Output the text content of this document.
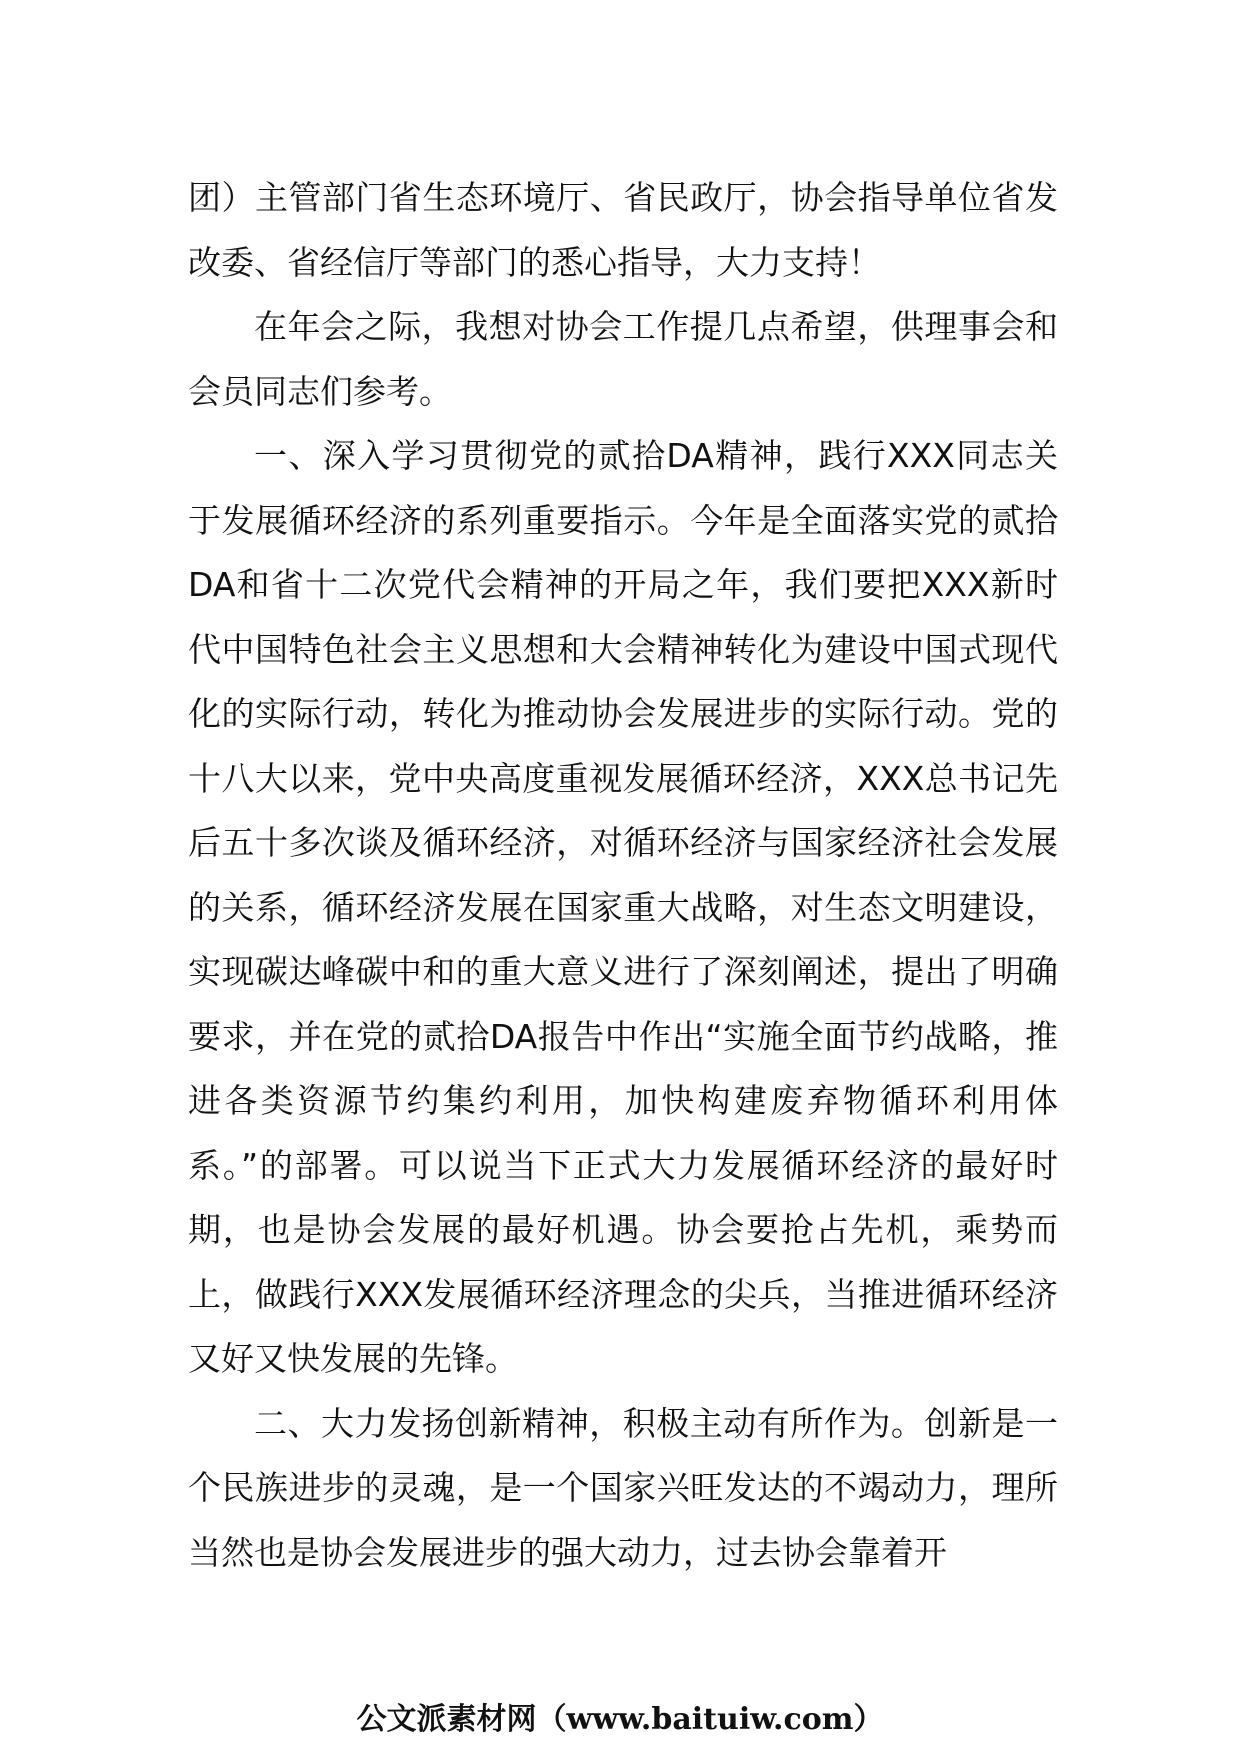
团）主管部门省生态环境厅、省民政厅，协会指导单位省发改委、省经信厅等部门的悉心指导，大力支持！

在年会之际，我想对协会工作提几点希望，供理事会和会员同志们参考。

一、深入学习贯彻党的贰拾DA精神，践行XXX同志关于发展循环经济的系列重要指示。今年是全面落实党的贰拾DA和省十二次党代会精神的开局之年，我们要把XXX新时代中国特色社会主义思想和大会精神转化为建设中国式现代化的实际行动，转化为推动协会发展进步的实际行动。党的十八大以来，党中央高度重视发展循环经济，XXX总书记先后五十多次谈及循环经济，对循环经济与国家经济社会发展的关系，循环经济发展在国家重大战略，对生态文明建设，实现碳达峰碳中和的重大意义进行了深刻阐述，提出了明确要求，并在党的贰拾DA报告中作出“实施全面节约战略，推进各类资源节约集约利用，加快构建废弃物循环利用体系。”的部署。可以说当下正式大力发展循环经济的最好时期，也是协会发展的最好机遇。协会要抢占先机，乘势而上，做践行XXX发展循环经济理念的尖兵，当推进循环经济又好又快发展的先锋。

二、大力发扬创新精神，积极主动有所作为。创新是一个民族进步的灵魂，是一个国家兴旺发达的不竭动力，理所当然也是协会发展进步的强大动力，过去协会靠着开

公文派素材网（www.baituiw.com）
